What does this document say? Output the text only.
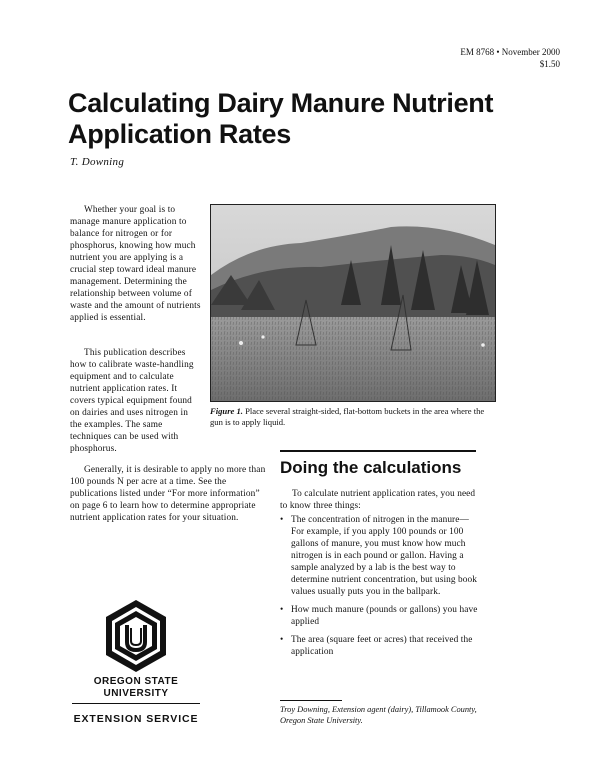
EM 8768 • November 2000
$1.50
Calculating Dairy Manure Nutrient Application Rates
T. Downing

Whether your goal is to manage manure application to balance for nitrogen or for phosphorus, knowing how much nutrient you are applying is a crucial step toward ideal manure management. Determining the relationship between volume of waste and the amount of nutrients applied is essential.

This publication describes how to calibrate waste-handling equipment and to calculate nutrient application rates. It covers typical equipment found on dairies and uses nitrogen in the examples. The same techniques can be used with phosphorus.

Generally, it is desirable to apply no more than 100 pounds N per acre at a time. See the publications listed under “For more information” on page 6 to learn how to determine appropriate nutrient application rates for your situation.

Figure 1. Place several straight-sided, flat-bottom buckets in the area where the gun is to apply liquid.
Doing the calculations

To calculate nutrient application rates, you need to know three things:

• The concentration of nitrogen in the manure—For example, if you apply 100 pounds or 100 gallons of manure, you must know how much nitrogen is in each pound or gallon. Having a sample analyzed by a lab is the best way to determine nutrient concentration, but using book values usually puts you in the ballpark.
• How much manure (pounds or gallons) you have applied
• The area (square feet or acres) that received the application
Troy Downing, Extension agent (dairy), Tillamook County, Oregon State University.
OREGON STATE
UNIVERSITY
EXTENSION SERVICE
